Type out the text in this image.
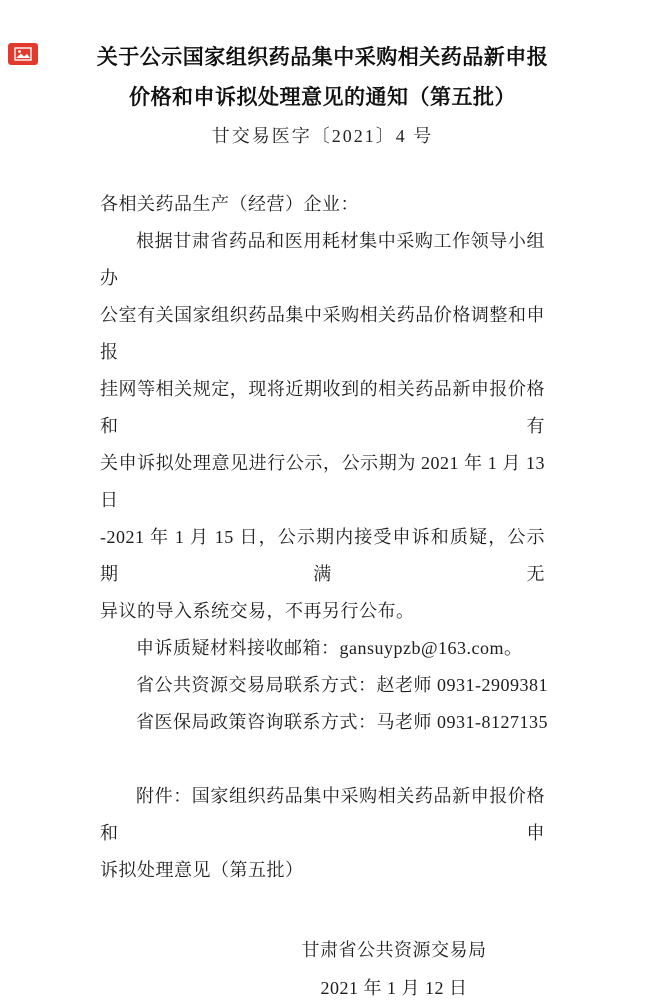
关于公示国家组织药品集中采购相关药品新申报
价格和申诉拟处理意见的通知（第五批）
甘交易医字〔2021〕4 号
各相关药品生产（经营）企业：
根据甘肃省药品和医用耗材集中采购工作领导小组办
公室有关国家组织药品集中采购相关药品价格调整和申报
挂网等相关规定，现将近期收到的相关药品新申报价格和有
关申诉拟处理意见进行公示，公示期为 2021 年 1 月 13 日
-2021 年 1 月 15 日，公示期内接受申诉和质疑，公示期满无
异议的导入系统交易，不再另行公布。
申诉质疑材料接收邮箱：gansuypzb@163.com。
省公共资源交易局联系方式：赵老师 0931-2909381
省医保局政策咨询联系方式：马老师 0931-8127135

附件：国家组织药品集中采购相关药品新申报价格和申
诉拟处理意见（第五批）
甘肃省公共资源交易局
2021 年 1 月 12 日
